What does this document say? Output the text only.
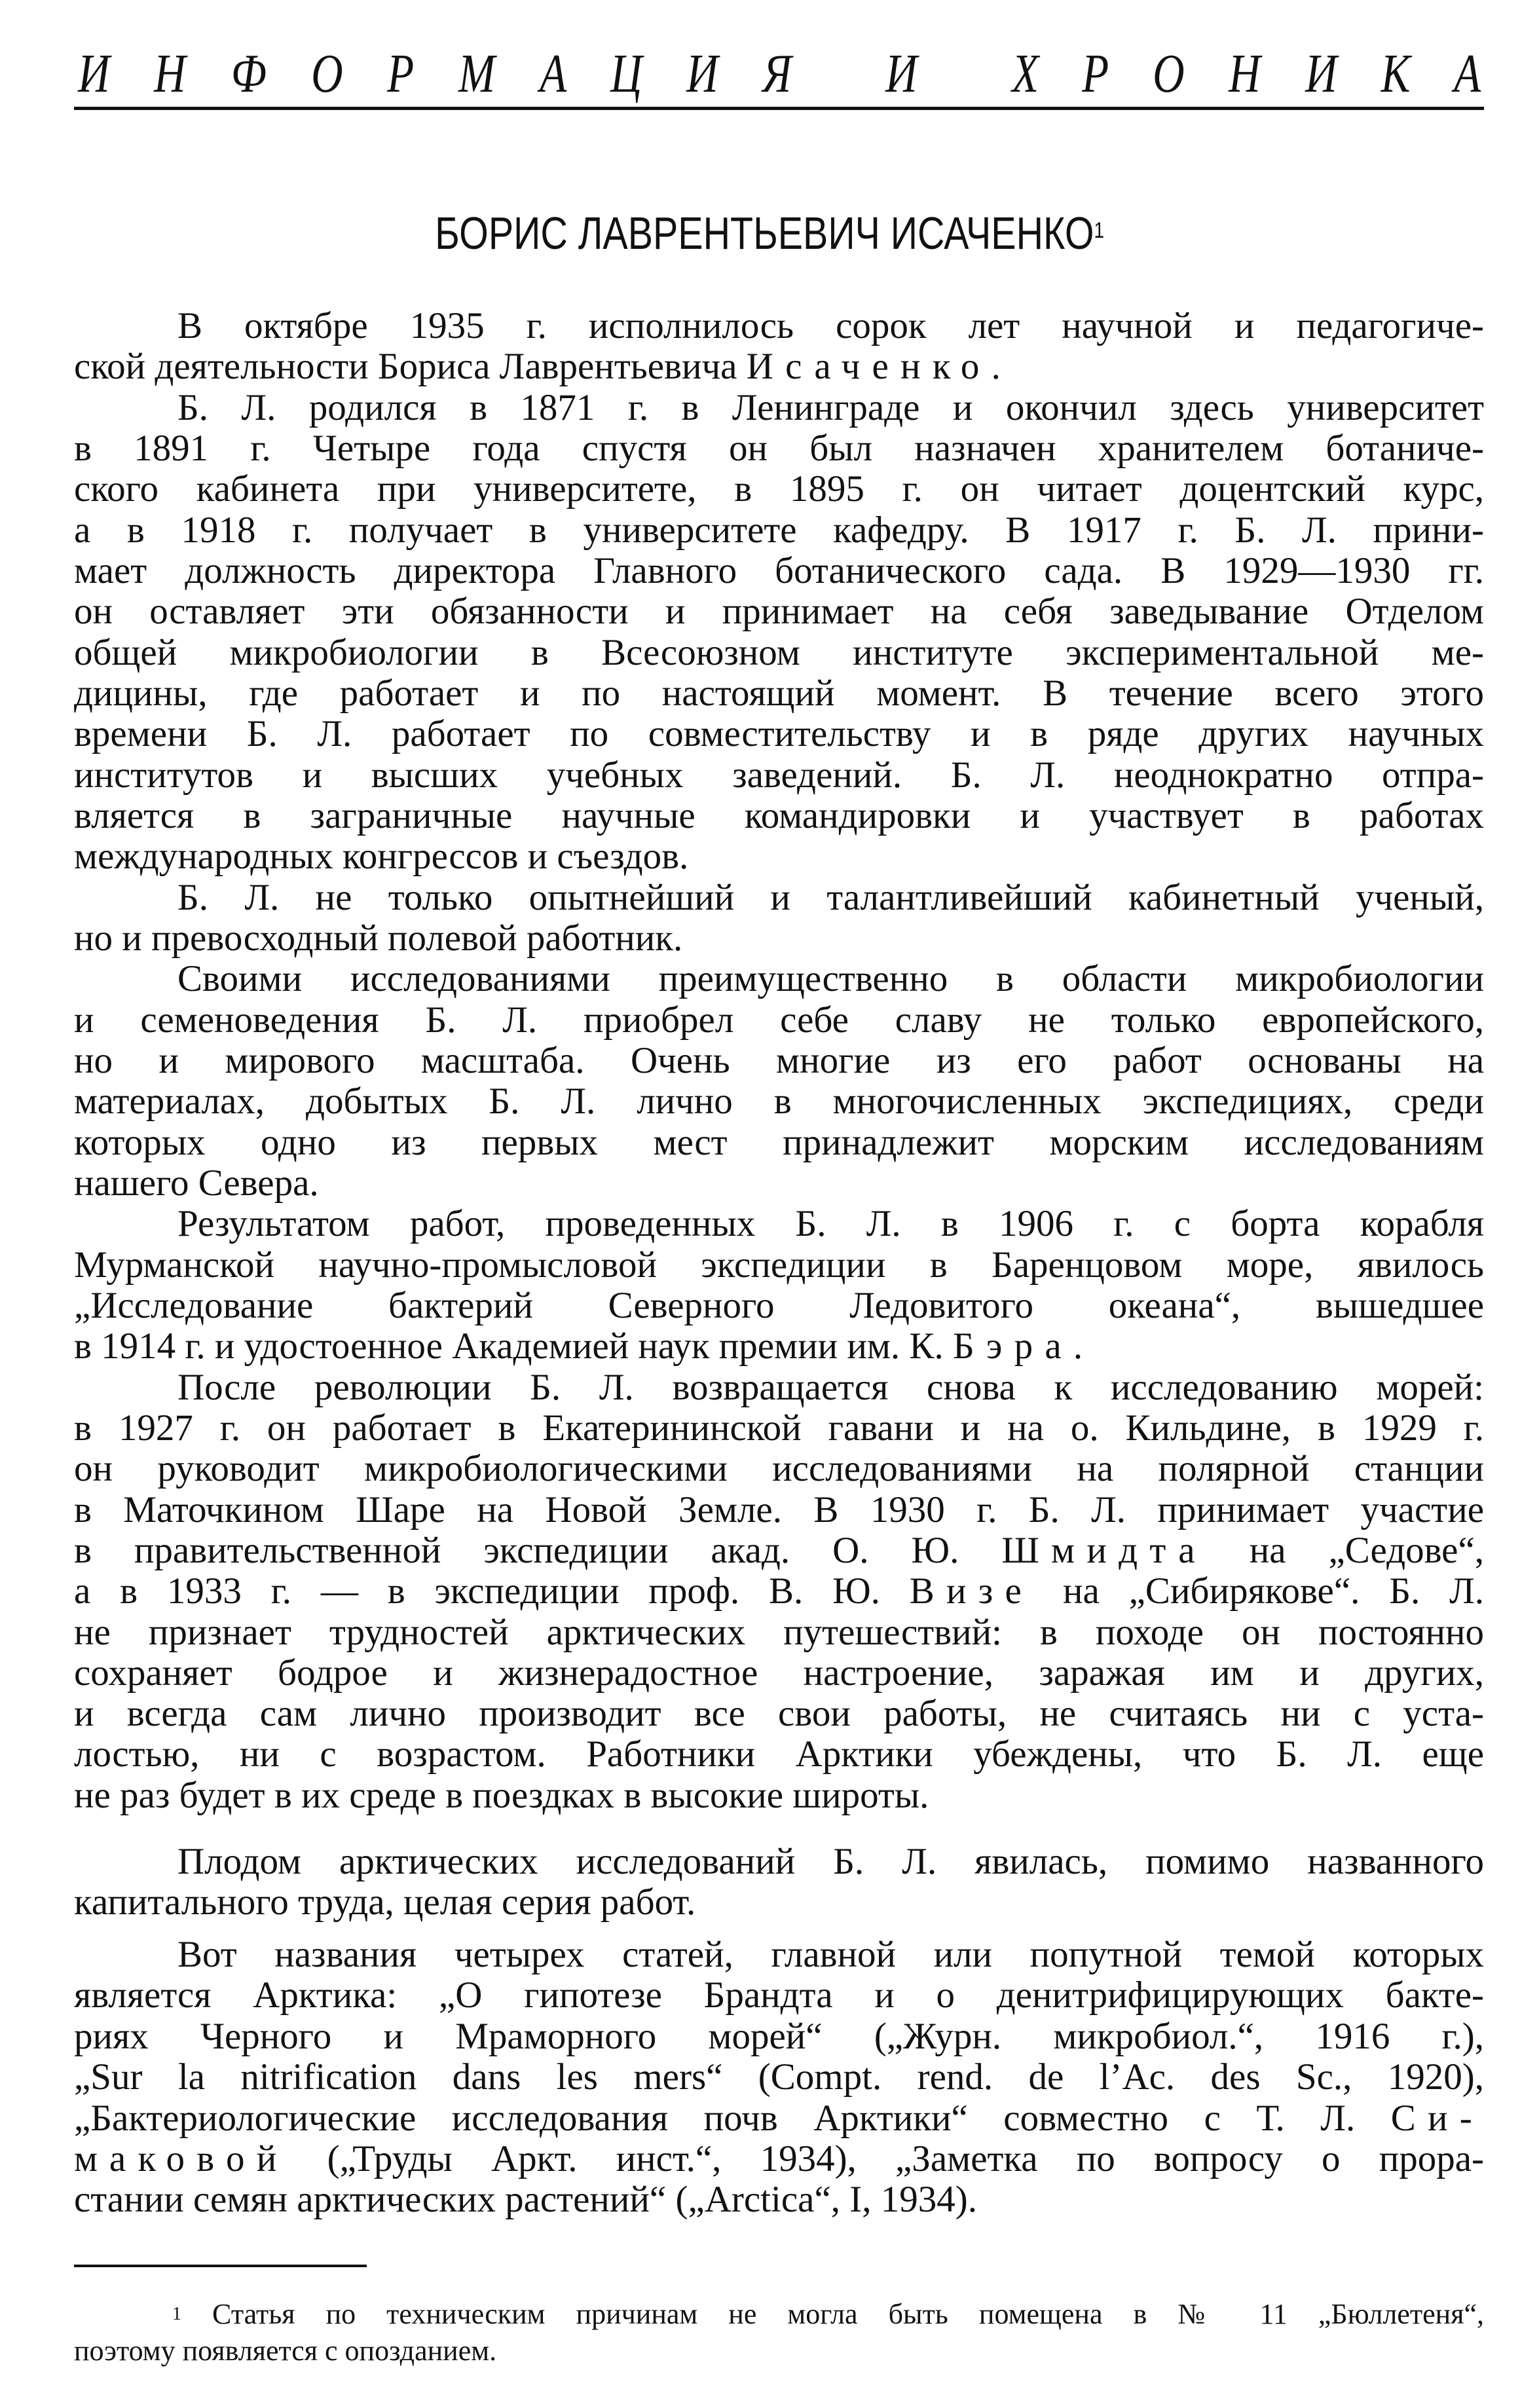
И Н Ф О Р М А Ц И Я
И
Х Р О Н И К А
БОРИС ЛАВРЕНТЬЕВИЧ ИСАЧЕНКО$^1$
В октябре 1935 г. исполнилось сорок лет научной и педагогиче-
ской деятельности Бориса Лаврентьевича Исаченко.
Б. Л. родился в 1871 г. в Ленинграде и окончил здесь университет
в 1891 г. Четыре года спустя он был назначен хранителем ботаниче-
ского кабинета при университете, в 1895 г. он читает доцентский курс,
а в 1918 г. получает в университете кафедру. В 1917 г. Б. Л. прини-
мает должность директора Главного ботанического сада. В 1929—1930 гг.
он оставляет эти обязанности и принимает на себя заведывание Отделом
общей микробиологии в Всесоюзном институте экспериментальной ме-
дицины, где работает и по настоящий момент. В течение всего этого
времени Б. Л. работает по совместительству и в ряде других научных
институтов и высших учебных заведений. Б. Л. неоднократно отпра-
вляется в заграничные научные командировки и участвует в работах
международных конгрессов и съездов.
Б. Л. не только опытнейший и талантливейший кабинетный ученый,
но и превосходный полевой работник.
Своими исследованиями преимущественно в области микробиологии
и семеноведения Б. Л. приобрел себе славу не только европейского,
но и мирового масштаба. Очень многие из его работ основаны на
материалах, добытых Б. Л. лично в многочисленных экспедициях, среди
которых одно из первых мест принадлежит морским исследованиям
нашего Севера.
Результатом работ, проведенных Б. Л. в 1906 г. с борта корабля
Мурманской научно-промысловой экспедиции в Баренцовом море, явилось
„Исследование бактерий Северного Ледовитого океана“, вышедшее
в 1914 г. и удостоенное Академией наук премии им. К. Бэра.
После революции Б. Л. возвращается снова к исследованию морей:
в 1927 г. он работает в Екатерининской гавани и на о. Кильдине, в 1929 г.
он руководит микробиологическими исследованиями на полярной станции
в Маточкином Шаре на Новой Земле. В 1930 г. Б. Л. принимает участие
в правительственной экспедиции акад. О. Ю. Шмидта на „Седове“,
а в 1933 г. — в экспедиции проф. В. Ю. Визе на „Сибирякове“. Б. Л.
не признает трудностей арктических путешествий: в походе он постоянно
сохраняет бодрое и жизнерадостное настроение, заражая им и других,
и всегда сам лично производит все свои работы, не считаясь ни с уста-
лостью, ни с возрастом. Работники Арктики убеждены, что Б. Л. еще
не раз будет в их среде в поездках в высокие широты.
Плодом арктических исследований Б. Л. явилась, помимо названного
капитального труда, целая серия работ.
Вот названия четырех статей, главной или попутной темой которых
является Арктика: „О гипотезе Брандта и о денитрифицирующих бакте-
риях Черного и Мраморного морей“ („Журн. микробиол.“, 1916 г.),
„Sur la nitrification dans les mers“ (Compt. rend. de l’Ac. des Sc., 1920),
„Бактериологические исследования почв Арктики“ совместно с Т. Л. Си-
маковой („Труды Аркт. инст.“, 1934), „Заметка по вопросу о прора-
стании семян арктических растений“ („Arctica“, I, 1934).
$^1$ Статья по техническим причинам не могла быть помещена в № 11 „Бюллетеня“,
поэтому появляется с опозданием.
